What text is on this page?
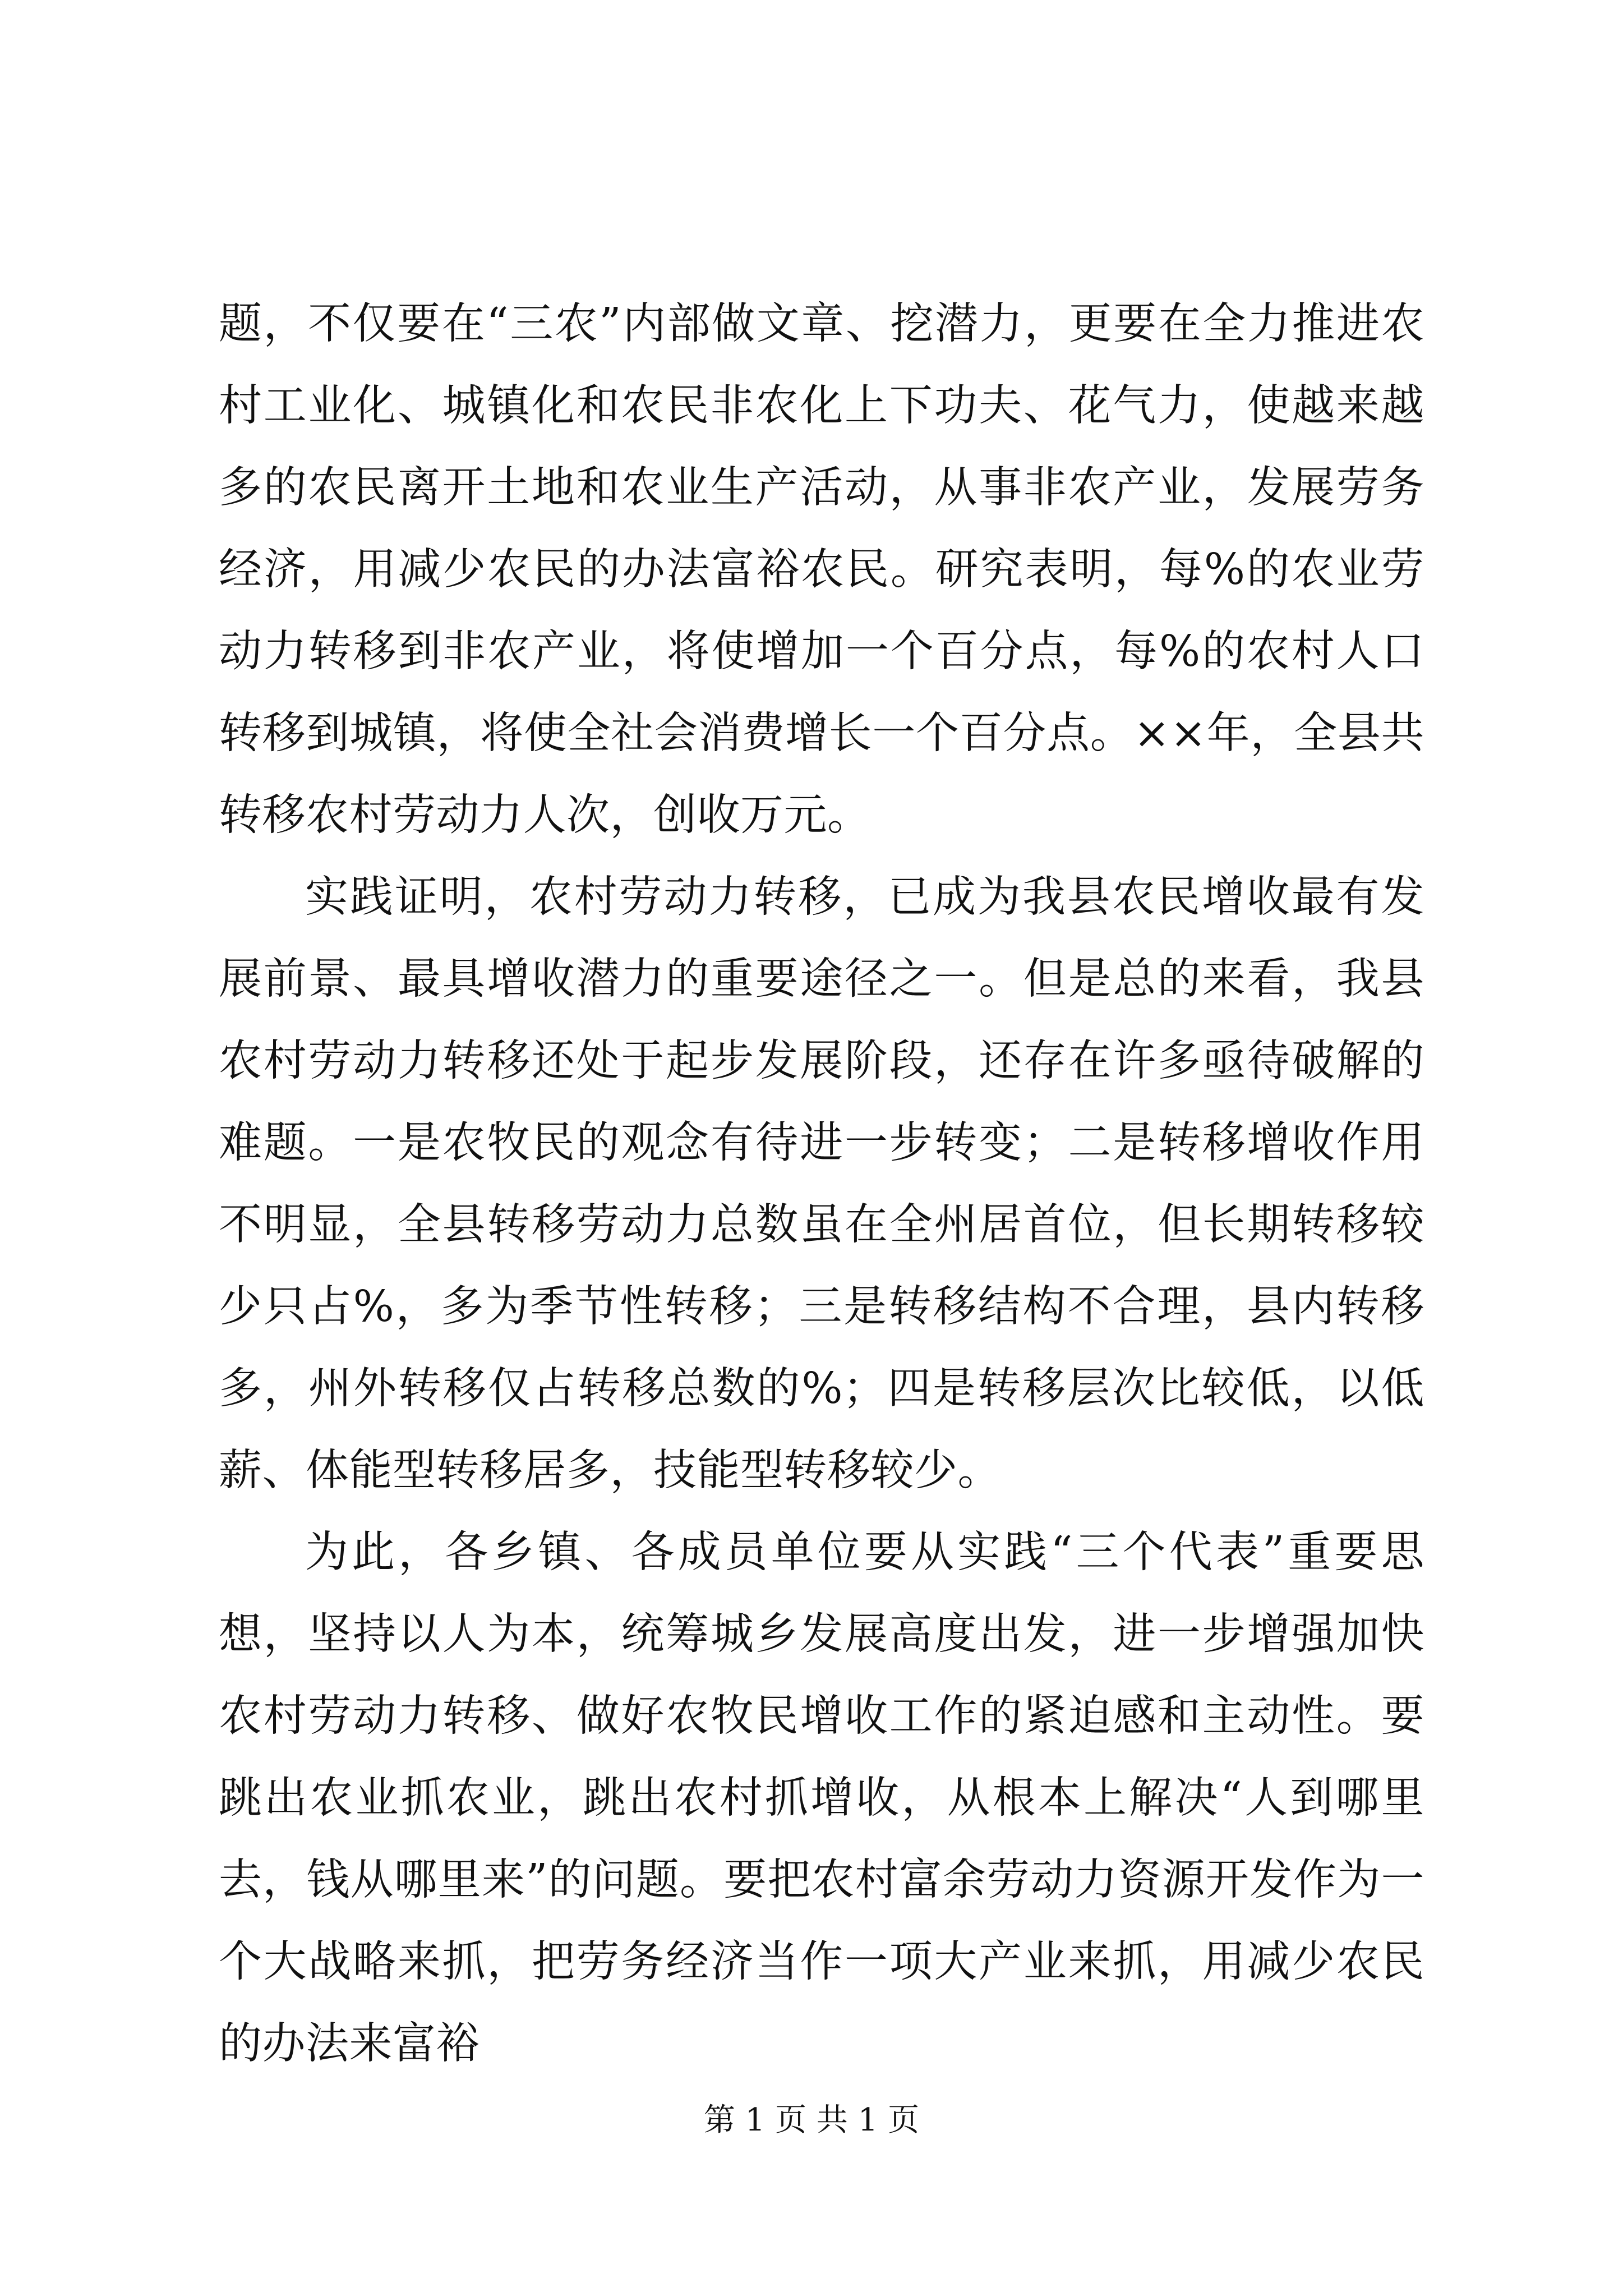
题，不仅要在“三农”内部做文章、挖潜力，更要在全力推进农村工业化、城镇化和农民非农化上下功夫、花气力，使越来越多的农民离开土地和农业生产活动，从事非农产业，发展劳务经济，用减少农民的办法富裕农民。研究表明，每%的农业劳动力转移到非农产业，将使增加一个百分点，每%的农村人口转移到城镇，将使全社会消费增长一个百分点。××年，全县共转移农村劳动力人次，创收万元。

实践证明，农村劳动力转移，已成为我县农民增收最有发展前景、最具增收潜力的重要途径之一。但是总的来看，我县农村劳动力转移还处于起步发展阶段，还存在许多亟待破解的难题。一是农牧民的观念有待进一步转变；二是转移增收作用不明显，全县转移劳动力总数虽在全州居首位，但长期转移较少只占%，多为季节性转移；三是转移结构不合理，县内转移多，州外转移仅占转移总数的%；四是转移层次比较低，以低薪、体能型转移居多，技能型转移较少。

为此，各乡镇、各成员单位要从实践“三个代表”重要思想，坚持以人为本，统筹城乡发展高度出发，进一步增强加快农村劳动力转移、做好农牧民增收工作的紧迫感和主动性。要跳出农业抓农业，跳出农村抓增收，从根本上解决“人到哪里去，钱从哪里来”的问题。要把农村富余劳动力资源开发作为一个大战略来抓，把劳务经济当作一项大产业来抓，用减少农民的办法来富裕

第 1 页 共 1 页
